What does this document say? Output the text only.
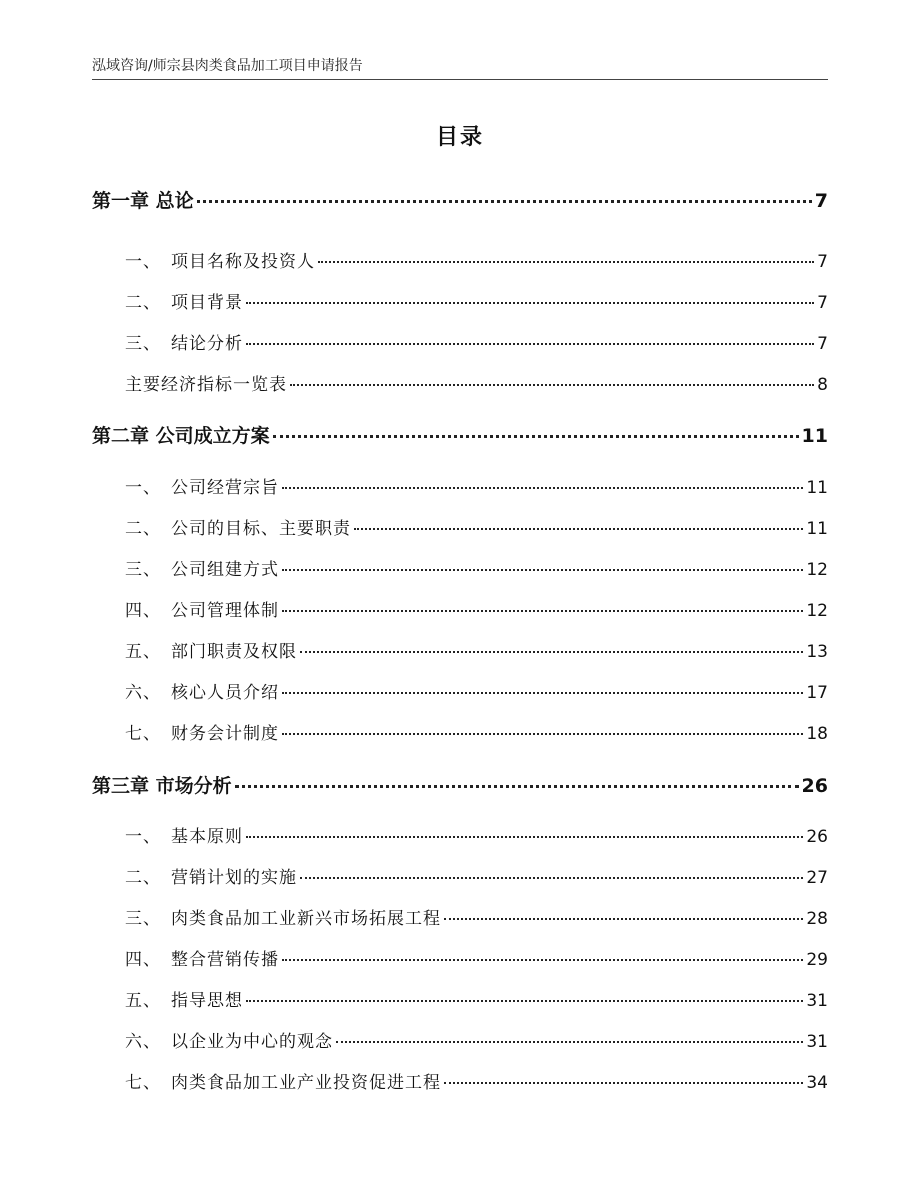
泓域咨询/师宗县肉类食品加工项目申请报告
目录
第一章 总论	7
一、 项目名称及投资人	7
二、 项目背景	7
三、 结论分析	7
主要经济指标一览表	8
第二章 公司成立方案	11
一、 公司经营宗旨	11
二、 公司的目标、主要职责	11
三、 公司组建方式	12
四、 公司管理体制	12
五、 部门职责及权限	13
六、 核心人员介绍	17
七、 财务会计制度	18
第三章 市场分析	26
一、 基本原则	26
二、 营销计划的实施	27
三、 肉类食品加工业新兴市场拓展工程	28
四、 整合营销传播	29
五、 指导思想	31
六、 以企业为中心的观念	31
七、 肉类食品加工业产业投资促进工程	34
